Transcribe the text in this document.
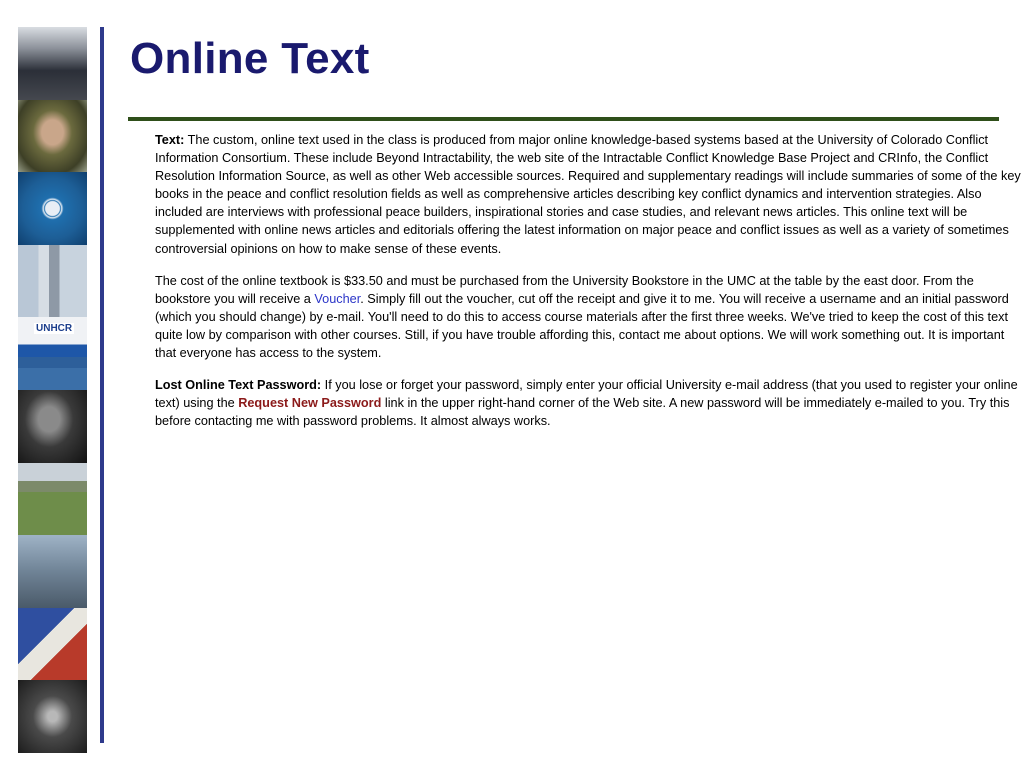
UNHCR
Online Text

Text: The custom, online text used in the class is produced from major online knowledge-based systems based at the University of Colorado Conflict Information Consortium. These include Beyond Intractability, the web site of the Intractable Conflict Knowledge Base Project and CRInfo, the Conflict Resolution Information Source, as well as other Web accessible sources. Required and supplementary readings will include summaries of some of the key books in the peace and conflict resolution fields as well as comprehensive articles describing key conflict dynamics and intervention strategies. Also included are interviews with professional peace builders, inspirational stories and case studies, and relevant news articles. This online text will be supplemented with online news articles and editorials offering the latest information on major peace and conflict issues as well as a variety of sometimes controversial opinions on how to make sense of these events.

The cost of the online textbook is $33.50 and must be purchased from the University Bookstore in the UMC at the table by the east door. From the bookstore you will receive a Voucher. Simply fill out the voucher, cut off the receipt and give it to me. You will receive a username and an initial password (which you should change) by e-mail. You'll need to do this to access course materials after the first three weeks. We've tried to keep the cost of this text quite low by comparison with other courses. Still, if you have trouble affording this, contact me about options. We will work something out. It is important that everyone has access to the system.

Lost Online Text Password: If you lose or forget your password, simply enter your official University e-mail address (that you used to register your online text) using the Request New Password link in the upper right-hand corner of the Web site. A new password will be immediately e-mailed to you. Try this before contacting me with password problems. It almost always works.
